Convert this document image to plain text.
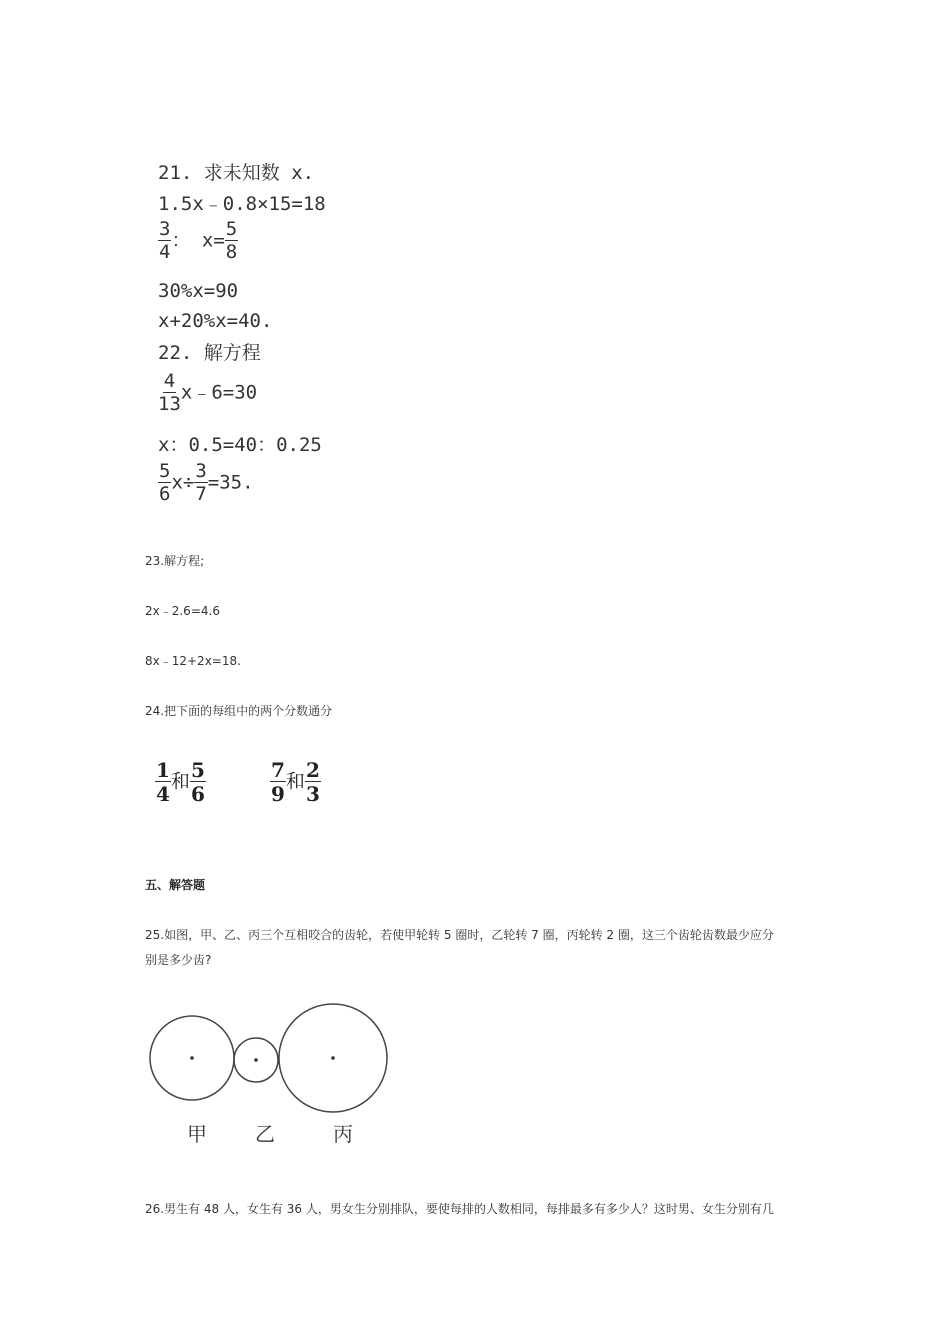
21. 求未知数 x.
1.5x﹣0.8×15=18
$\frac{3}{4}$ ： $x= \frac{5}{8}$
30%x=90
x+20%x=40.
22. 解方程
$\frac{4}{13}$ x﹣6=30
x：0.5=40：0.25
$\frac{5}{6} x\div \frac{3}{7} =35$.
23.解方程;
2x﹣2.6=4.6
8x﹣12+2x=18.
24.把下面的每组中的两个分数通分
$\frac{1}{4}$ 和 $\frac{5}{6}$	$\frac{7}{9}$ 和 $\frac{2}{3}$
五、解答题
25.如图，甲、乙、丙三个互相咬合的齿轮，若使甲轮转 5 圈时，乙轮转 7 圈，丙轮转 2 圈，这三个齿轮齿数最少应分
别是多少齿?
甲 乙	丙
26.男生有 48 人，女生有 36 人，男女生分别排队，要使每排的人数相同，每排最多有多少人？这时男、女生分别有几
